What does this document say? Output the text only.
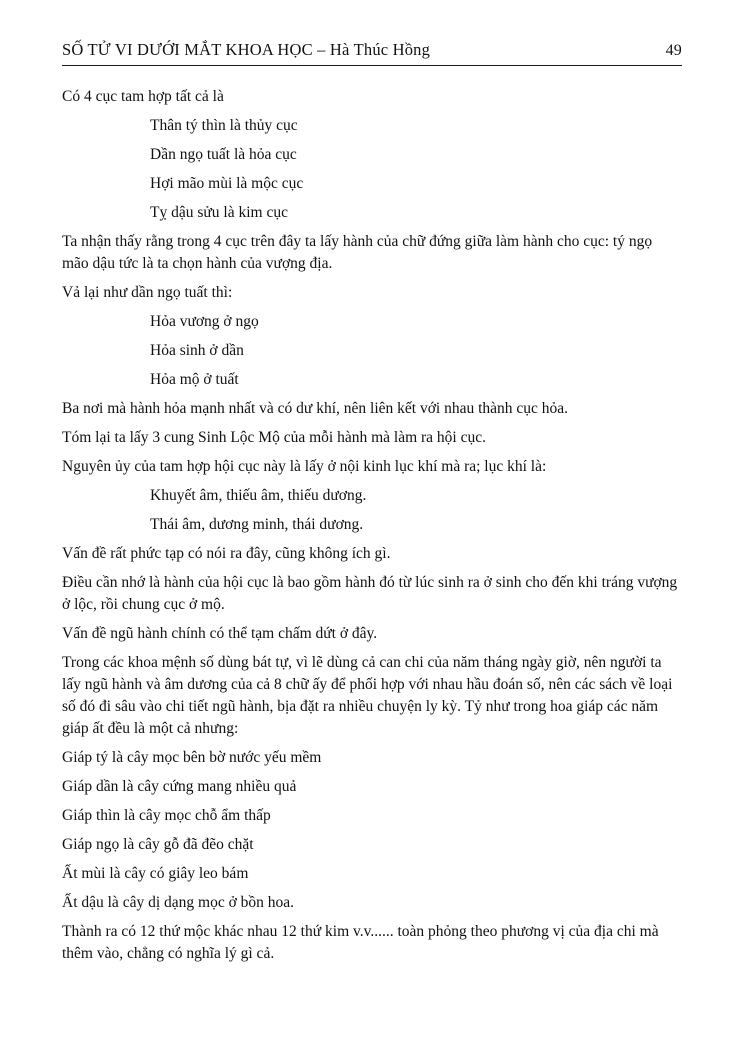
SỐ TỬ VI DƯỚI MẮT KHOA HỌC – Hà Thúc Hồng	49

Có 4 cục tam hợp tất cả là

Thân tý thìn là thủy cục

Dần ngọ tuất là hỏa cục

Hợi mão mùi là mộc cục

Tỵ dậu sửu là kim cục

Ta nhận thấy rằng trong 4 cục trên đây ta lấy hành của chữ đứng giữa làm hành cho cục: tý ngọ mão dậu tức là ta chọn hành của vượng địa.

Vả lại như dần ngọ tuất thì:

Hỏa vương ở ngọ

Hỏa sinh ở dần

Hỏa mộ ở tuất

Ba nơi mà hành hỏa mạnh nhất và có dư khí, nên liên kết với nhau thành cục hỏa.

Tóm lại ta lấy 3 cung Sinh Lộc Mộ của mỗi hành mà làm ra hội cục.

Nguyên ủy của tam hợp hội cục này là lấy ở nội kinh lục khí mà ra; lục khí là:

Khuyết âm, thiếu âm, thiếu dương.

Thái âm, dương minh, thái dương.

Vấn đề rất phức tạp có nói ra đây, cũng không ích gì.

Điều cần nhớ là hành của hội cục là bao gồm hành đó từ lúc sinh ra ở sinh cho đến khi tráng vượng ở lộc, rồi chung cục ở mộ.

Vấn đề ngũ hành chính có thể tạm chấm dứt ở đây.

Trong các khoa mệnh số dùng bát tự, vì lẽ dùng cả can chi của năm tháng ngày giờ, nên người ta lấy ngũ hành và âm dương của cả 8 chữ ấy để phối hợp với nhau hầu đoán số, nên các sách về loại số đó đi sâu vào chi tiết ngũ hành, bịa đặt ra nhiều chuyện ly kỳ. Tỷ như trong hoa giáp các năm giáp ất đều là một cả nhưng:

Giáp tý là cây mọc bên bờ nước yếu mềm

Giáp dần là cây cứng mang nhiều quả

Giáp thìn là cây mọc chỗ ẩm thấp

Giáp ngọ là cây gỗ đã đẽo chặt

Ất mùi là cây có giây leo bám

Ất dậu là cây dị dạng mọc ở bồn hoa.

Thành ra có 12 thứ mộc khác nhau 12 thứ kim v.v...... toàn phỏng theo phương vị của địa chi mà thêm vào, chẳng có nghĩa lý gì cả.
